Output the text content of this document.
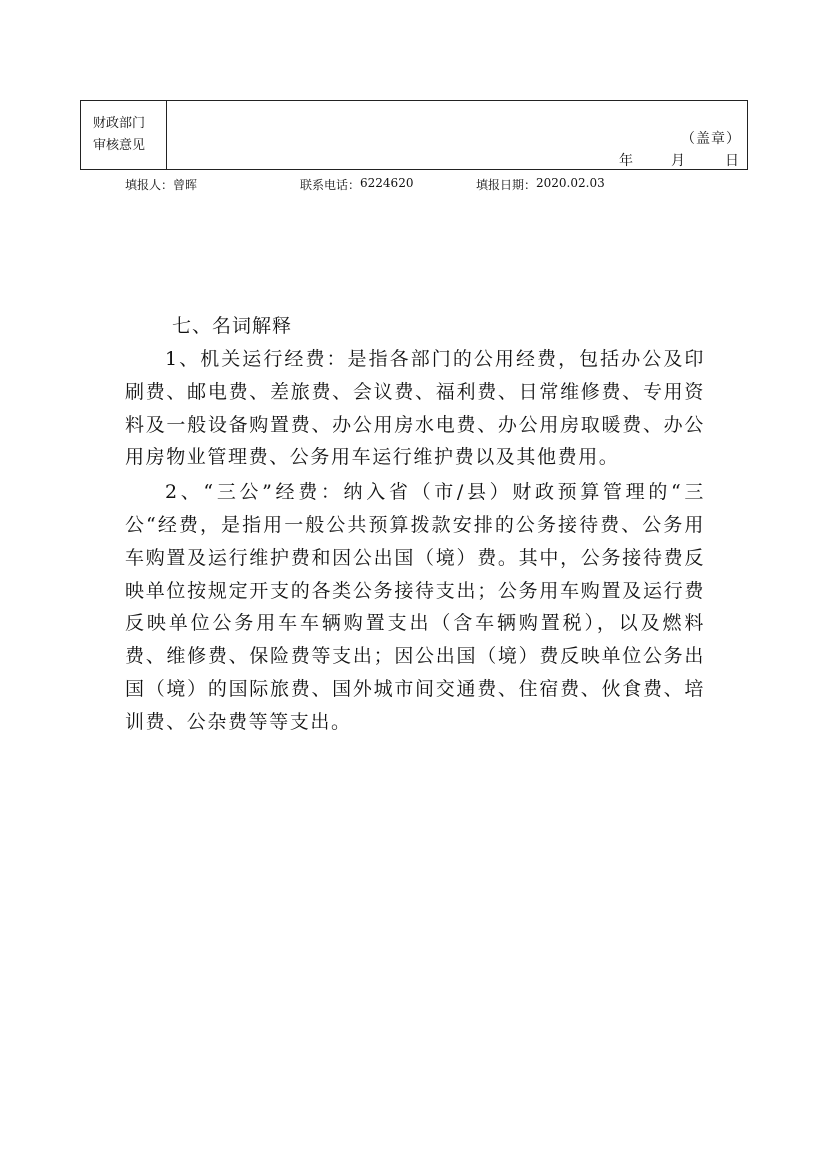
财政部门
审核意见	（盖章）
年	月	日
填报人： 曾晖	联系电话： 6224620	填报日期： 2020.02.03
七、名词解释

1、机关运行经费：是指各部门的公用经费，包括办公及印刷费、邮电费、差旅费、会议费、福利费、日常维修费、专用资料及一般设备购置费、办公用房水电费、办公用房取暖费、办公用房物业管理费、公务用车运行维护费以及其他费用。

2、“三公”经费：纳入省（市/县）财政预算管理的“三公“经费，是指用一般公共预算拨款安排的公务接待费、公务用车购置及运行维护费和因公出国（境）费。其中，公务接待费反映单位按规定开支的各类公务接待支出；公务用车购置及运行费反映单位公务用车车辆购置支出（含车辆购置税），以及燃料费、维修费、保险费等支出；因公出国（境）费反映单位公务出国（境）的国际旅费、国外城市间交通费、住宿费、伙食费、培训费、公杂费等等支出。
